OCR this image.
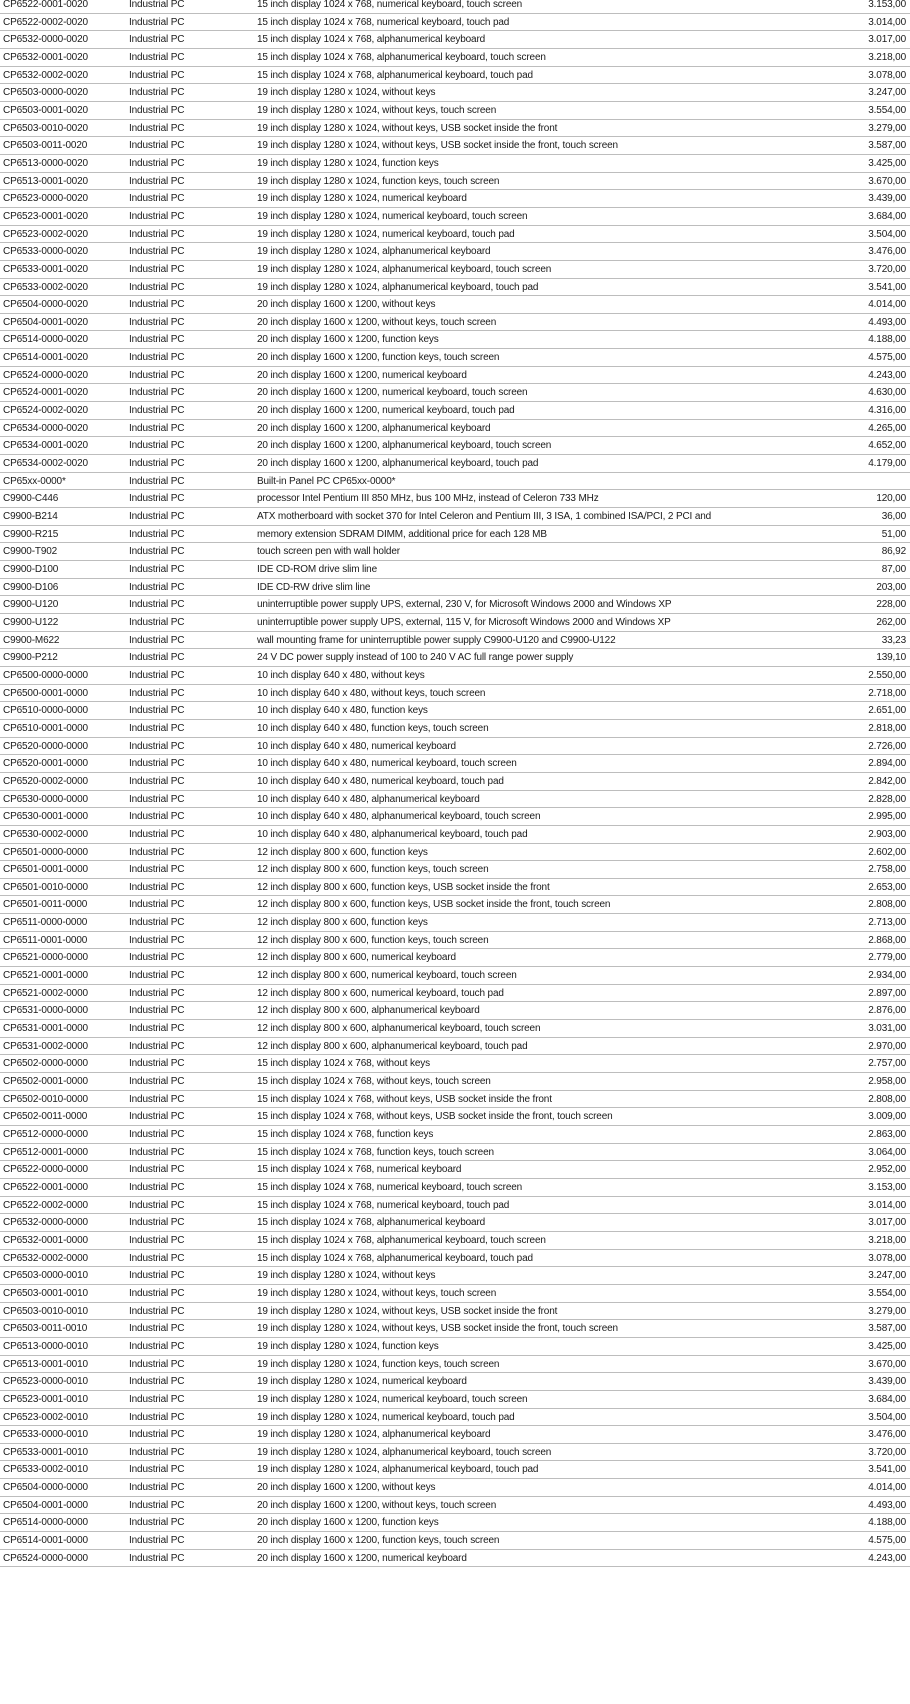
CP6522-0001-0020	Industrial PC	15 inch display 1024 x 768, numerical keyboard, touch screen	3.153,00
CP6522-0002-0020	Industrial PC	15 inch display 1024 x 768, numerical keyboard, touch pad	3.014,00
CP6532-0000-0020	Industrial PC	15 inch display 1024 x 768, alphanumerical keyboard	3.017,00
CP6532-0001-0020	Industrial PC	15 inch display 1024 x 768, alphanumerical keyboard, touch screen	3.218,00
CP6532-0002-0020	Industrial PC	15 inch display 1024 x 768, alphanumerical keyboard, touch pad	3.078,00
CP6503-0000-0020	Industrial PC	19 inch display 1280 x 1024, without keys	3.247,00
CP6503-0001-0020	Industrial PC	19 inch display 1280 x 1024, without keys, touch screen	3.554,00
CP6503-0010-0020	Industrial PC	19 inch display 1280 x 1024, without keys, USB socket inside the front	3.279,00
CP6503-0011-0020	Industrial PC	19 inch display 1280 x 1024, without keys, USB socket inside the front, touch screen	3.587,00
CP6513-0000-0020	Industrial PC	19 inch display 1280 x 1024, function keys	3.425,00
CP6513-0001-0020	Industrial PC	19 inch display 1280 x 1024, function keys, touch screen	3.670,00
CP6523-0000-0020	Industrial PC	19 inch display 1280 x 1024, numerical keyboard	3.439,00
CP6523-0001-0020	Industrial PC	19 inch display 1280 x 1024, numerical keyboard, touch screen	3.684,00
CP6523-0002-0020	Industrial PC	19 inch display 1280 x 1024, numerical keyboard, touch pad	3.504,00
CP6533-0000-0020	Industrial PC	19 inch display 1280 x 1024, alphanumerical keyboard	3.476,00
CP6533-0001-0020	Industrial PC	19 inch display 1280 x 1024, alphanumerical keyboard, touch screen	3.720,00
CP6533-0002-0020	Industrial PC	19 inch display 1280 x 1024, alphanumerical keyboard, touch pad	3.541,00
CP6504-0000-0020	Industrial PC	20 inch display 1600 x 1200, without keys	4.014,00
CP6504-0001-0020	Industrial PC	20 inch display 1600 x 1200, without keys, touch screen	4.493,00
CP6514-0000-0020	Industrial PC	20 inch display 1600 x 1200, function keys	4.188,00
CP6514-0001-0020	Industrial PC	20 inch display 1600 x 1200, function keys, touch screen	4.575,00
CP6524-0000-0020	Industrial PC	20 inch display 1600 x 1200, numerical keyboard	4.243,00
CP6524-0001-0020	Industrial PC	20 inch display 1600 x 1200, numerical keyboard, touch screen	4.630,00
CP6524-0002-0020	Industrial PC	20 inch display 1600 x 1200, numerical keyboard, touch pad	4.316,00
CP6534-0000-0020	Industrial PC	20 inch display 1600 x 1200, alphanumerical keyboard	4.265,00
CP6534-0001-0020	Industrial PC	20 inch display 1600 x 1200, alphanumerical keyboard, touch screen	4.652,00
CP6534-0002-0020	Industrial PC	20 inch display 1600 x 1200, alphanumerical keyboard, touch pad	4.179,00
CP65xx-0000*	Industrial PC	Built-in Panel PC CP65xx-0000*
C9900-C446	Industrial PC	processor Intel Pentium III 850 MHz, bus 100 MHz, instead of Celeron 733 MHz	120,00
C9900-B214	Industrial PC	ATX motherboard with socket 370 for Intel Celeron and Pentium III, 3 ISA, 1 combined ISA/PCI, 2 PCI and	36,00
C9900-R215	Industrial PC	memory extension SDRAM DIMM, additional price for each 128 MB	51,00
C9900-T902	Industrial PC	touch screen pen with wall holder	86,92
C9900-D100	Industrial PC	IDE CD-ROM drive slim line	87,00
C9900-D106	Industrial PC	IDE CD-RW drive slim line	203,00
C9900-U120	Industrial PC	uninterruptible power supply UPS, external, 230 V, for Microsoft Windows 2000 and Windows XP	228,00
C9900-U122	Industrial PC	uninterruptible power supply UPS, external, 115 V, for Microsoft Windows 2000 and Windows XP	262,00
C9900-M622	Industrial PC	wall mounting frame for uninterruptible power supply C9900-U120 and C9900-U122	33,23
C9900-P212	Industrial PC	24 V DC power supply instead of 100 to 240 V AC full range power supply	139,10
CP6500-0000-0000	Industrial PC	10 inch display 640 x 480, without keys	2.550,00
CP6500-0001-0000	Industrial PC	10 inch display 640 x 480, without keys, touch screen	2.718,00
CP6510-0000-0000	Industrial PC	10 inch display 640 x 480, function keys	2.651,00
CP6510-0001-0000	Industrial PC	10 inch display 640 x 480, function keys, touch screen	2.818,00
CP6520-0000-0000	Industrial PC	10 inch display 640 x 480, numerical keyboard	2.726,00
CP6520-0001-0000	Industrial PC	10 inch display 640 x 480, numerical keyboard, touch screen	2.894,00
CP6520-0002-0000	Industrial PC	10 inch display 640 x 480, numerical keyboard, touch pad	2.842,00
CP6530-0000-0000	Industrial PC	10 inch display 640 x 480, alphanumerical keyboard	2.828,00
CP6530-0001-0000	Industrial PC	10 inch display 640 x 480, alphanumerical keyboard, touch screen	2.995,00
CP6530-0002-0000	Industrial PC	10 inch display 640 x 480, alphanumerical keyboard, touch pad	2.903,00
CP6501-0000-0000	Industrial PC	12 inch display 800 x 600, function keys	2.602,00
CP6501-0001-0000	Industrial PC	12 inch display 800 x 600, function keys, touch screen	2.758,00
CP6501-0010-0000	Industrial PC	12 inch display 800 x 600, function keys, USB socket inside the front	2.653,00
CP6501-0011-0000	Industrial PC	12 inch display 800 x 600, function keys, USB socket inside the front, touch screen	2.808,00
CP6511-0000-0000	Industrial PC	12 inch display 800 x 600, function keys	2.713,00
CP6511-0001-0000	Industrial PC	12 inch display 800 x 600, function keys, touch screen	2.868,00
CP6521-0000-0000	Industrial PC	12 inch display 800 x 600, numerical keyboard	2.779,00
CP6521-0001-0000	Industrial PC	12 inch display 800 x 600, numerical keyboard, touch screen	2.934,00
CP6521-0002-0000	Industrial PC	12 inch display 800 x 600, numerical keyboard, touch pad	2.897,00
CP6531-0000-0000	Industrial PC	12 inch display 800 x 600, alphanumerical keyboard	2.876,00
CP6531-0001-0000	Industrial PC	12 inch display 800 x 600, alphanumerical keyboard, touch screen	3.031,00
CP6531-0002-0000	Industrial PC	12 inch display 800 x 600, alphanumerical keyboard, touch pad	2.970,00
CP6502-0000-0000	Industrial PC	15 inch display 1024 x 768, without keys	2.757,00
CP6502-0001-0000	Industrial PC	15 inch display 1024 x 768, without keys, touch screen	2.958,00
CP6502-0010-0000	Industrial PC	15 inch display 1024 x 768, without keys, USB socket inside the front	2.808,00
CP6502-0011-0000	Industrial PC	15 inch display 1024 x 768, without keys, USB socket inside the front, touch screen	3.009,00
CP6512-0000-0000	Industrial PC	15 inch display 1024 x 768, function keys	2.863,00
CP6512-0001-0000	Industrial PC	15 inch display 1024 x 768, function keys, touch screen	3.064,00
CP6522-0000-0000	Industrial PC	15 inch display 1024 x 768, numerical keyboard	2.952,00
CP6522-0001-0000	Industrial PC	15 inch display 1024 x 768, numerical keyboard, touch screen	3.153,00
CP6522-0002-0000	Industrial PC	15 inch display 1024 x 768, numerical keyboard, touch pad	3.014,00
CP6532-0000-0000	Industrial PC	15 inch display 1024 x 768, alphanumerical keyboard	3.017,00
CP6532-0001-0000	Industrial PC	15 inch display 1024 x 768, alphanumerical keyboard, touch screen	3.218,00
CP6532-0002-0000	Industrial PC	15 inch display 1024 x 768, alphanumerical keyboard, touch pad	3.078,00
CP6503-0000-0010	Industrial PC	19 inch display 1280 x 1024, without keys	3.247,00
CP6503-0001-0010	Industrial PC	19 inch display 1280 x 1024, without keys, touch screen	3.554,00
CP6503-0010-0010	Industrial PC	19 inch display 1280 x 1024, without keys, USB socket inside the front	3.279,00
CP6503-0011-0010	Industrial PC	19 inch display 1280 x 1024, without keys, USB socket inside the front, touch screen	3.587,00
CP6513-0000-0010	Industrial PC	19 inch display 1280 x 1024, function keys	3.425,00
CP6513-0001-0010	Industrial PC	19 inch display 1280 x 1024, function keys, touch screen	3.670,00
CP6523-0000-0010	Industrial PC	19 inch display 1280 x 1024, numerical keyboard	3.439,00
CP6523-0001-0010	Industrial PC	19 inch display 1280 x 1024, numerical keyboard, touch screen	3.684,00
CP6523-0002-0010	Industrial PC	19 inch display 1280 x 1024, numerical keyboard, touch pad	3.504,00
CP6533-0000-0010	Industrial PC	19 inch display 1280 x 1024, alphanumerical keyboard	3.476,00
CP6533-0001-0010	Industrial PC	19 inch display 1280 x 1024, alphanumerical keyboard, touch screen	3.720,00
CP6533-0002-0010	Industrial PC	19 inch display 1280 x 1024, alphanumerical keyboard, touch pad	3.541,00
CP6504-0000-0000	Industrial PC	20 inch display 1600 x 1200, without keys	4.014,00
CP6504-0001-0000	Industrial PC	20 inch display 1600 x 1200, without keys, touch screen	4.493,00
CP6514-0000-0000	Industrial PC	20 inch display 1600 x 1200, function keys	4.188,00
CP6514-0001-0000	Industrial PC	20 inch display 1600 x 1200, function keys, touch screen	4.575,00
CP6524-0000-0000	Industrial PC	20 inch display 1600 x 1200, numerical keyboard	4.243,00
